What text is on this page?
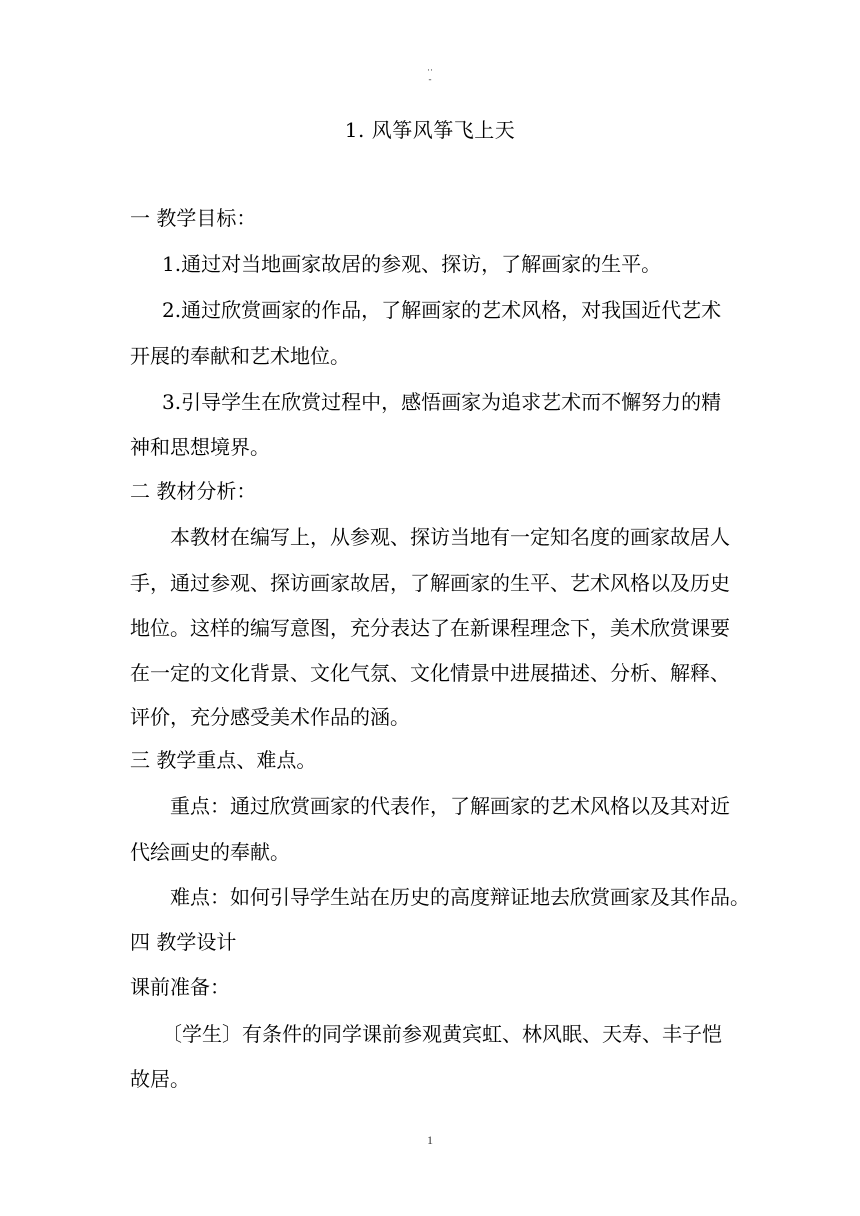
··
-
1. 风筝风筝飞上天
一 教学目标：
1.通过对当地画家故居的参观、探访，了解画家的生平。
2.通过欣赏画家的作品，了解画家的艺术风格，对我国近代艺术
开展的奉献和艺术地位。
3.引导学生在欣赏过程中，感悟画家为追求艺术而不懈努力的精
神和思想境界。
二 教材分析：
本教材在编写上，从参观、探访当地有一定知名度的画家故居人
手，通过参观、探访画家故居，了解画家的生平、艺术风格以及历史
地位。这样的编写意图，充分表达了在新课程理念下，美术欣赏课要
在一定的文化背景、文化气氛、文化情景中进展描述、分析、解释、
评价，充分感受美术作品的涵。
三 教学重点、难点。
重点：通过欣赏画家的代表作，了解画家的艺术风格以及其对近
代绘画史的奉献。
难点：如何引导学生站在历史的高度辩证地去欣赏画家及其作品。
四 教学设计
课前准备：
〔学生〕有条件的同学课前参观黄宾虹、林风眠、天寿、丰子恺
故居。
1
